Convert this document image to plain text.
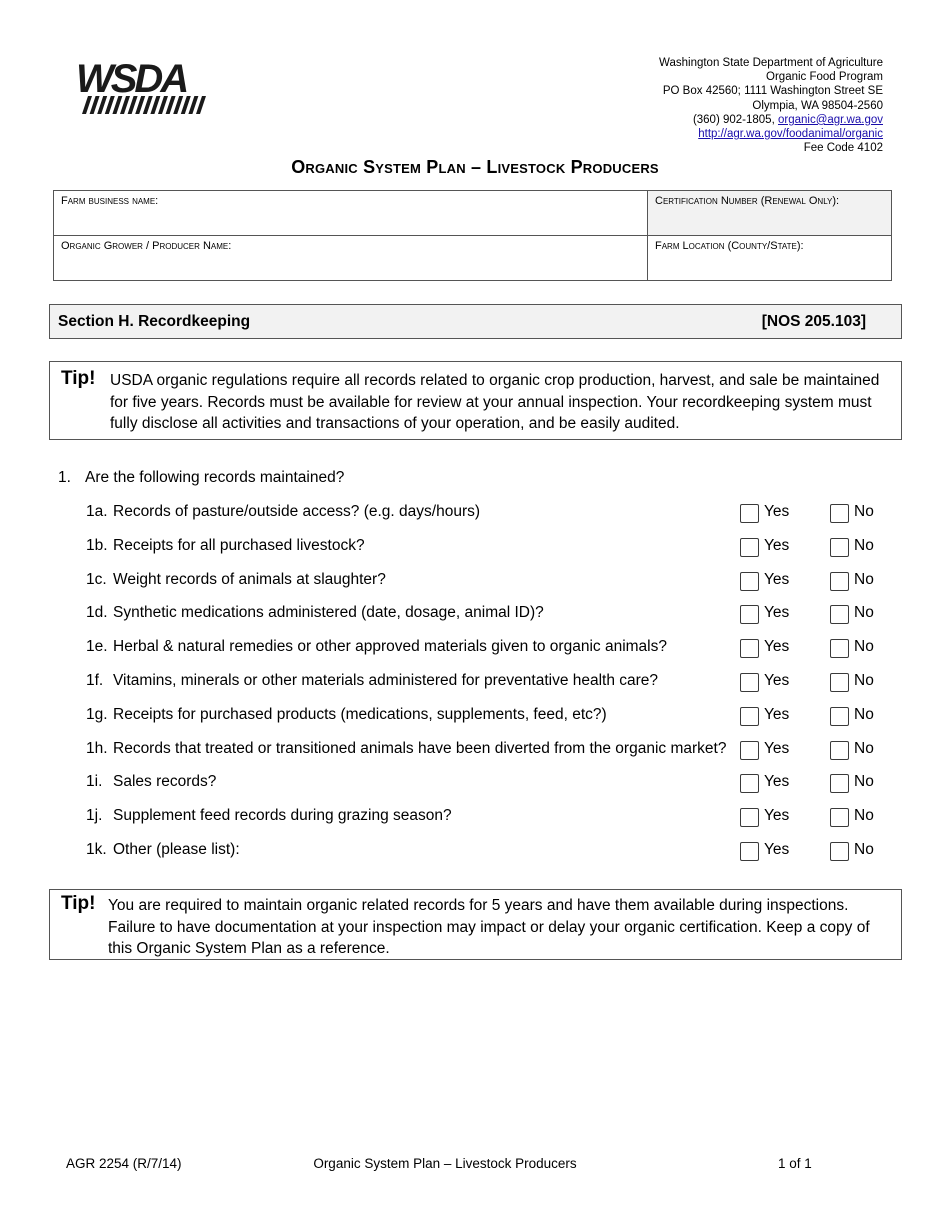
WSDA	Washington State Department of Agriculture
Organic Food Program
PO Box 42560; 1111 Washington Street SE
Olympia, WA 98504-2560
(360) 902-1805, organic@agr.wa.gov
http://agr.wa.gov/foodanimal/organic
Fee Code 4102
Organic System Plan – Livestock Producers
Farm business name:	Certification Number (Renewal Only):
Organic Grower / Producer Name:	Farm Location (County/State):
Section H. Recordkeeping	[NOS 205.103]
Tip! USDA organic regulations require all records related to organic crop production, harvest, and sale be maintained for five years. Records must be available for review at your annual inspection. Your recordkeeping system must fully disclose all activities and transactions of your operation, and be easily audited.
1. Are the following records maintained?
1a. Records of pasture/outside access? (e.g. days/hours)	Yes	No
1b. Receipts for all purchased livestock?	Yes	No
1c. Weight records of animals at slaughter?	Yes	No
1d. Synthetic medications administered (date, dosage, animal ID)?	Yes	No
1e. Herbal & natural remedies or other approved materials given to organic animals?	Yes	No
1f. Vitamins, minerals or other materials administered for preventative health care?	Yes	No
1g. Receipts for purchased products (medications, supplements, feed, etc?)	Yes	No
1h. Records that treated or transitioned animals have been diverted from the organic market? Yes	No
1i. Sales records?	Yes	No
1j. Supplement feed records during grazing season?	Yes	No
1k. Other (please list):	Yes	No
Tip! You are required to maintain organic related records for 5 years and have them available during inspections. Failure to have documentation at your inspection may impact or delay your organic certification. Keep a copy of this Organic System Plan as a reference.
AGR 2254 (R/7/14)	Organic System Plan – Livestock Producers	1 of 1
